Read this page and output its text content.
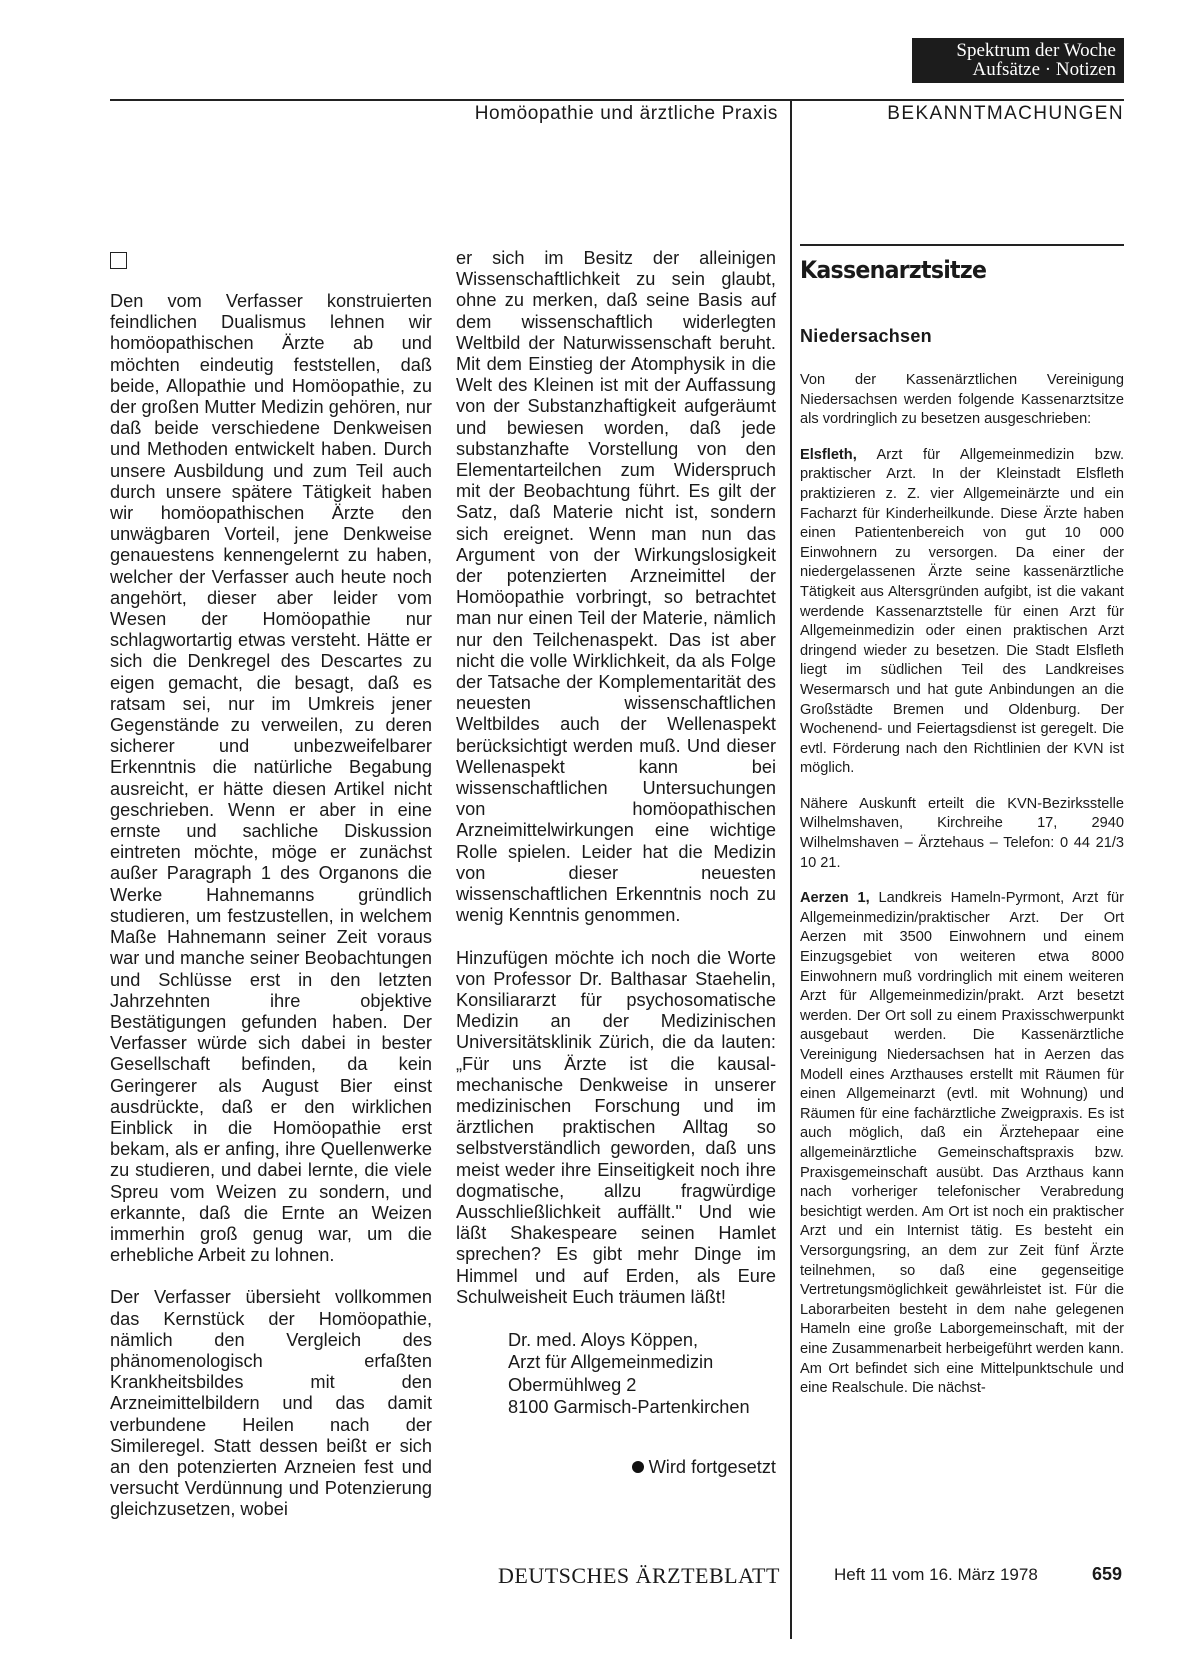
Spektrum der Woche
Aufsätze · Notizen
Homöopathie und ärztliche Praxis	BEKANNTMACHUNGEN

Den vom Verfasser konstruierten feindlichen Dualismus lehnen wir homöopathischen Ärzte ab und möchten eindeutig feststellen, daß beide, Allopathie und Homöopathie, zu der großen Mutter Medizin gehören, nur daß beide verschiedene Denkweisen und Methoden entwickelt haben. Durch unsere Ausbildung und zum Teil auch durch unsere spätere Tätigkeit haben wir homöopathischen Ärzte den unwägbaren Vorteil, jene Denkweise genauestens kennengelernt zu haben, welcher der Verfasser auch heute noch angehört, dieser aber leider vom Wesen der Homöopathie nur schlagwortartig etwas versteht. Hätte er sich die Denkregel des Descartes zu eigen gemacht, die besagt, daß es ratsam sei, nur im Umkreis jener Gegenstände zu verweilen, zu deren sicherer und unbezweifelbarer Erkenntnis die natürliche Begabung ausreicht, er hätte diesen Artikel nicht geschrieben. Wenn er aber in eine ernste und sachliche Diskussion eintreten möchte, möge er zunächst außer Paragraph 1 des Organons die Werke Hahnemanns gründlich studieren, um festzustellen, in welchem Maße Hahnemann seiner Zeit voraus war und manche seiner Beobachtungen und Schlüsse erst in den letzten Jahrzehnten ihre objektive Bestätigungen gefunden haben. Der Verfasser würde sich dabei in bester Gesellschaft befinden, da kein Geringerer als August Bier einst ausdrückte, daß er den wirklichen Einblick in die Homöopathie erst bekam, als er anfing, ihre Quellenwerke zu studieren, und dabei lernte, die viele Spreu vom Weizen zu sondern, und erkannte, daß die Ernte an Weizen immerhin groß genug war, um die erhebliche Arbeit zu lohnen.

Der Verfasser übersieht vollkommen das Kernstück der Homöopathie, nämlich den Vergleich des phänomenologisch erfaßten Krankheitsbildes mit den Arzneimittelbildern und das damit verbundene Heilen nach der Simileregel. Statt dessen beißt er sich an den potenzierten Arzneien fest und versucht Verdünnung und Potenzierung gleichzusetzen, wobei

er sich im Besitz der alleinigen Wissenschaftlichkeit zu sein glaubt, ohne zu merken, daß seine Basis auf dem wissenschaftlich widerlegten Weltbild der Naturwissenschaft beruht. Mit dem Einstieg der Atomphysik in die Welt des Kleinen ist mit der Auffassung von der Substanzhaftigkeit aufgeräumt und bewiesen worden, daß jede substanzhafte Vorstellung von den Elementarteilchen zum Widerspruch mit der Beobachtung führt. Es gilt der Satz, daß Materie nicht ist, sondern sich ereignet. Wenn man nun das Argument von der Wirkungslosigkeit der potenzierten Arzneimittel der Homöopathie vorbringt, so betrachtet man nur einen Teil der Materie, nämlich nur den Teilchenaspekt. Das ist aber nicht die volle Wirklichkeit, da als Folge der Tatsache der Komplementarität des neuesten wissenschaftlichen Weltbildes auch der Wellenaspekt berücksichtigt werden muß. Und dieser Wellenaspekt kann bei wissenschaftlichen Untersuchungen von homöopathischen Arzneimittelwirkungen eine wichtige Rolle spielen. Leider hat die Medizin von dieser neuesten wissenschaftlichen Erkenntnis noch zu wenig Kenntnis genommen.

Hinzufügen möchte ich noch die Worte von Professor Dr. Balthasar Staehelin, Konsiliararzt für psychosomatische Medizin an der Medizinischen Universitätsklinik Zürich, die da lauten: „Für uns Ärzte ist die kausal-mechanische Denkweise in unserer medizinischen Forschung und im ärztlichen praktischen Alltag so selbstverständlich geworden, daß uns meist weder ihre Einseitigkeit noch ihre dogmatische, allzu fragwürdige Ausschließlichkeit auffällt." Und wie läßt Shakespeare seinen Hamlet sprechen? Es gibt mehr Dinge im Himmel und auf Erden, als Eure Schulweisheit Euch träumen läßt!

Dr. med. Aloys Köppen,
Arzt für Allgemeinmedizin
Obermühlweg 2
8100 Garmisch-Partenkirchen
Wird fortgesetzt
Kassenarztsitze
Niedersachsen

Von der Kassenärztlichen Vereinigung Niedersachsen werden folgende Kassenarztsitze als vordringlich zu besetzen ausgeschrieben:

Elsfleth, Arzt für Allgemeinmedizin bzw. praktischer Arzt. In der Kleinstadt Elsfleth praktizieren z. Z. vier Allgemeinärzte und ein Facharzt für Kinderheilkunde. Diese Ärzte haben einen Patientenbereich von gut 10 000 Einwohnern zu versorgen. Da einer der niedergelassenen Ärzte seine kassenärztliche Tätigkeit aus Altersgründen aufgibt, ist die vakant werdende Kassenarztstelle für einen Arzt für Allgemeinmedizin oder einen praktischen Arzt dringend wieder zu besetzen. Die Stadt Elsfleth liegt im südlichen Teil des Landkreises Wesermarsch und hat gute Anbindungen an die Großstädte Bremen und Oldenburg. Der Wochenend- und Feiertagsdienst ist geregelt. Die evtl. Förderung nach den Richtlinien der KVN ist möglich.

Nähere Auskunft erteilt die KVN-Bezirksstelle Wilhelmshaven, Kirchreihe 17, 2940 Wilhelmshaven – Ärztehaus – Telefon: 0 44 21/3 10 21.

Aerzen 1, Landkreis Hameln-Pyrmont, Arzt für Allgemeinmedizin/praktischer Arzt. Der Ort Aerzen mit 3500 Einwohnern und einem Einzugsgebiet von weiteren etwa 8000 Einwohnern muß vordringlich mit einem weiteren Arzt für Allgemeinmedizin/prakt. Arzt besetzt werden. Der Ort soll zu einem Praxisschwerpunkt ausgebaut werden. Die Kassenärztliche Vereinigung Niedersachsen hat in Aerzen das Modell eines Arzthauses erstellt mit Räumen für einen Allgemeinarzt (evtl. mit Wohnung) und Räumen für eine fachärztliche Zweigpraxis. Es ist auch möglich, daß ein Ärztehepaar eine allgemeinärztliche Gemeinschaftspraxis bzw. Praxisgemeinschaft ausübt. Das Arzthaus kann nach vorheriger telefonischer Verabredung besichtigt werden. Am Ort ist noch ein praktischer Arzt und ein Internist tätig. Es besteht ein Versorgungsring, an dem zur Zeit fünf Ärzte teilnehmen, so daß eine gegenseitige Vertretungsmöglichkeit gewährleistet ist. Für die Laborarbeiten besteht in dem nahe gelegenen Hameln eine große Laborgemeinschaft, mit der eine Zusammenarbeit herbeigeführt werden kann. Am Ort befindet sich eine Mittelpunktschule und eine Realschule. Die nächst-

DEUTSCHES ÄRZTEBLATT	Heft 11 vom 16. März 1978	659
